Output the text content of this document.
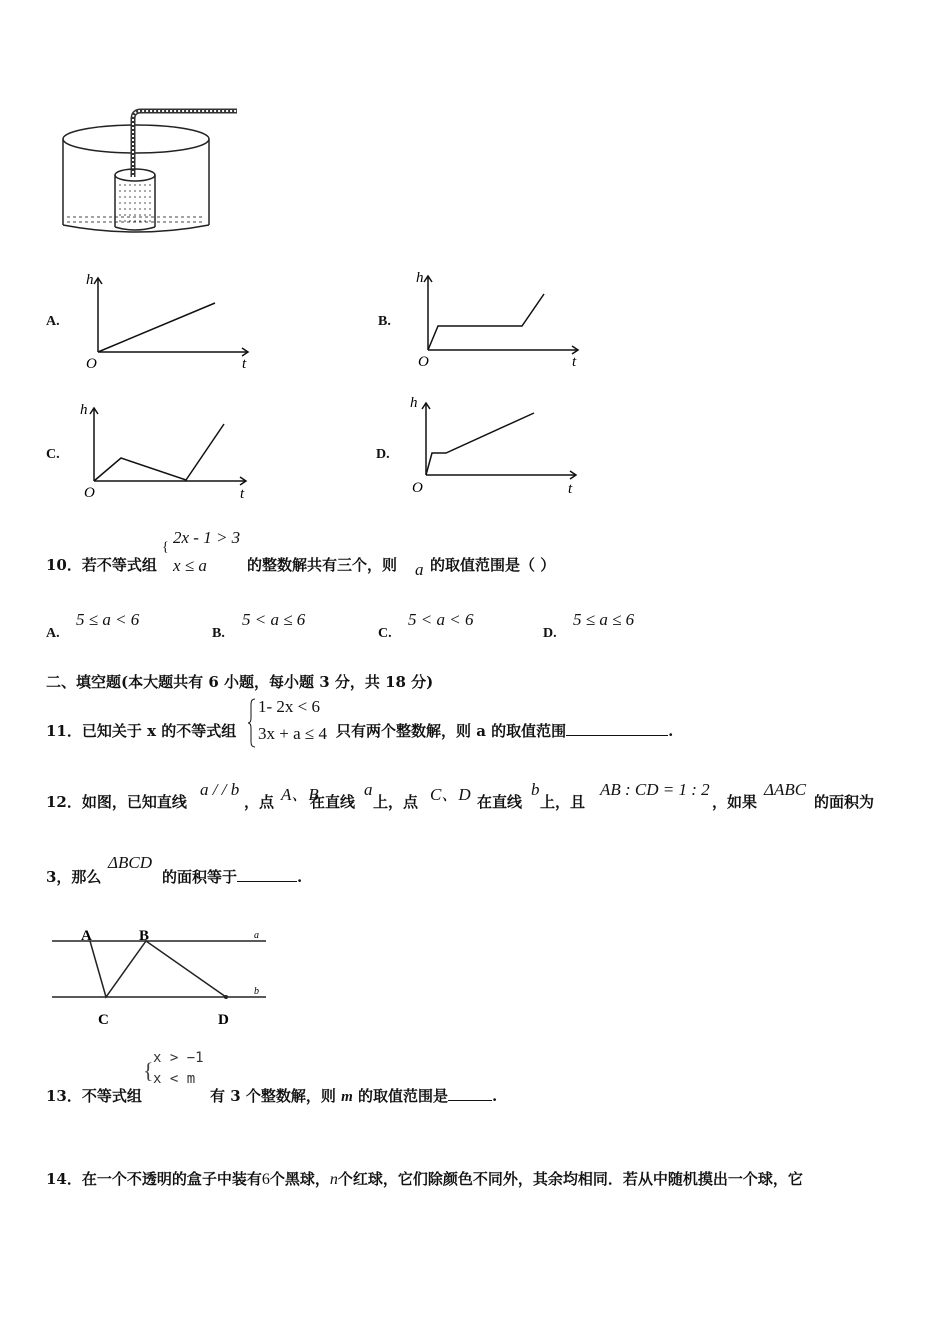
A.
h
t
O
B.
h
t
O
C.
h
t
O
D.
h
t
O
{
2x - 1 > 3
x ≤ a
10．若不等式组	的整数解共有三个，则 a 的取值范围是（ ）
A.
5 ≤ a < 6
B.
5 < a ≤ 6
C.
5 < a < 6
D.
5 ≤ a ≤ 6
二、填空题(本大题共有 6 小题，每小题 3 分，共 18 分)
11．已知关于 x 的不等式组
1- 2x < 6
3x + a ≤ 4 只有两个整数解，则 a 的取值范围	.
12．如图，已知直线
a / / b
，点 A、B
在直线
a
上，点 C、D 在直线
b
上，且
AB : CD = 1 : 2
，如果
ΔABC
的面积为
3，那么
ΔBCD
的面积等于	.
A	B
C	D
a
b
{ x > −1
x < m
13．不等式组	有 3 个整数解，则 m 的取值范围是	.
14．在一个不透明的盒子中装有6个黑球，n个红球，它们除颜色不同外，其余均相同．若从中随机摸出一个球，它
